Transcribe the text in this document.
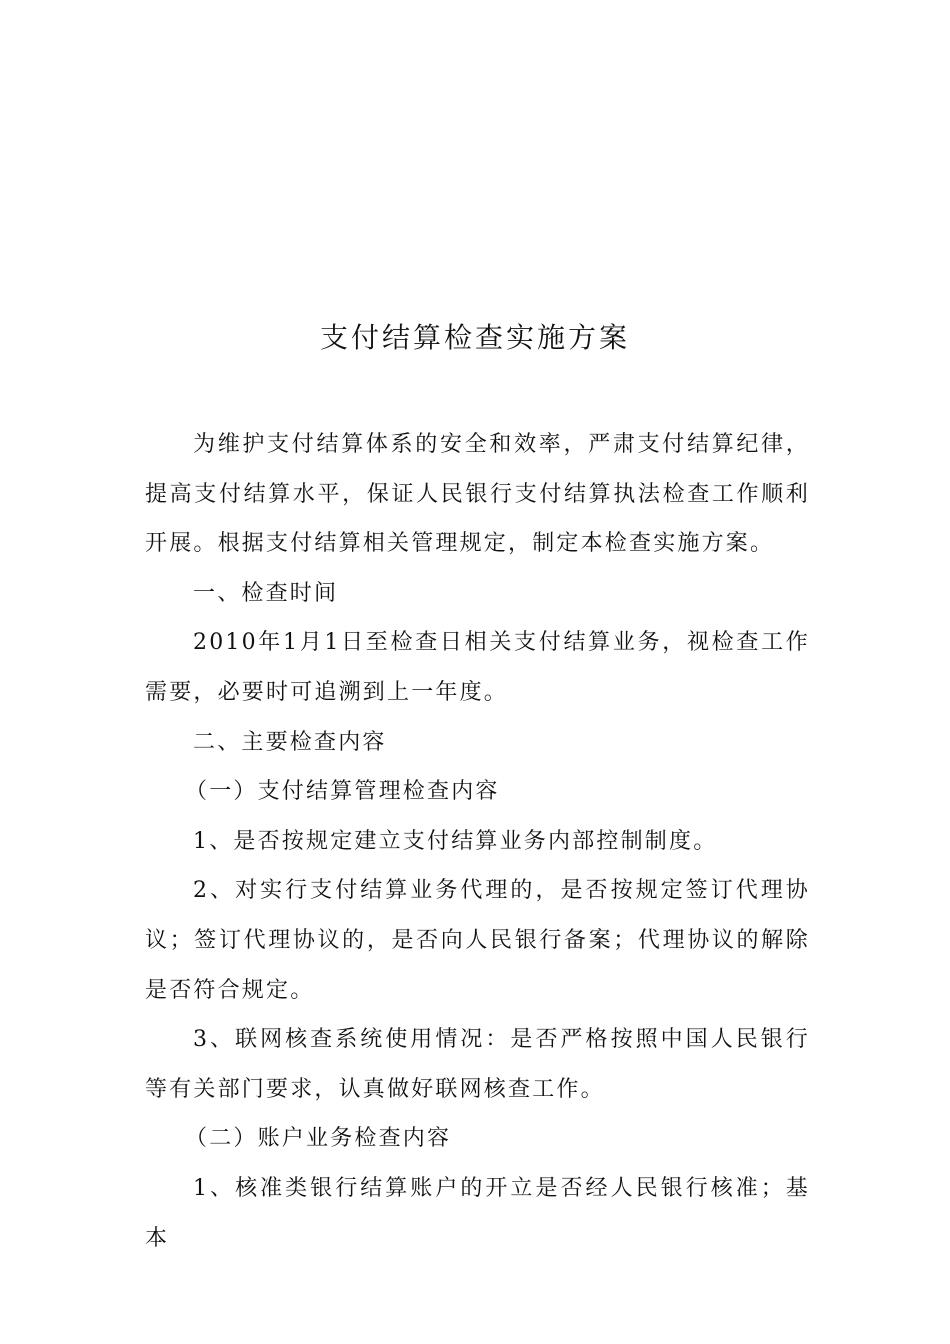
支付结算检查实施方案

为维护支付结算体系的安全和效率，严肃支付结算纪律，提高支付结算水平，保证人民银行支付结算执法检查工作顺利开展。根据支付结算相关管理规定，制定本检查实施方案。

一、检查时间

2010年1月1日至检查日相关支付结算业务，视检查工作需要，必要时可追溯到上一年度。

二、主要检查内容

（一）支付结算管理检查内容

1、是否按规定建立支付结算业务内部控制制度。

2、对实行支付结算业务代理的，是否按规定签订代理协议；签订代理协议的，是否向人民银行备案；代理协议的解除是否符合规定。

3、联网核查系统使用情况：是否严格按照中国人民银行等有关部门要求，认真做好联网核查工作。

（二）账户业务检查内容

1、核准类银行结算账户的开立是否经人民银行核准；基本
